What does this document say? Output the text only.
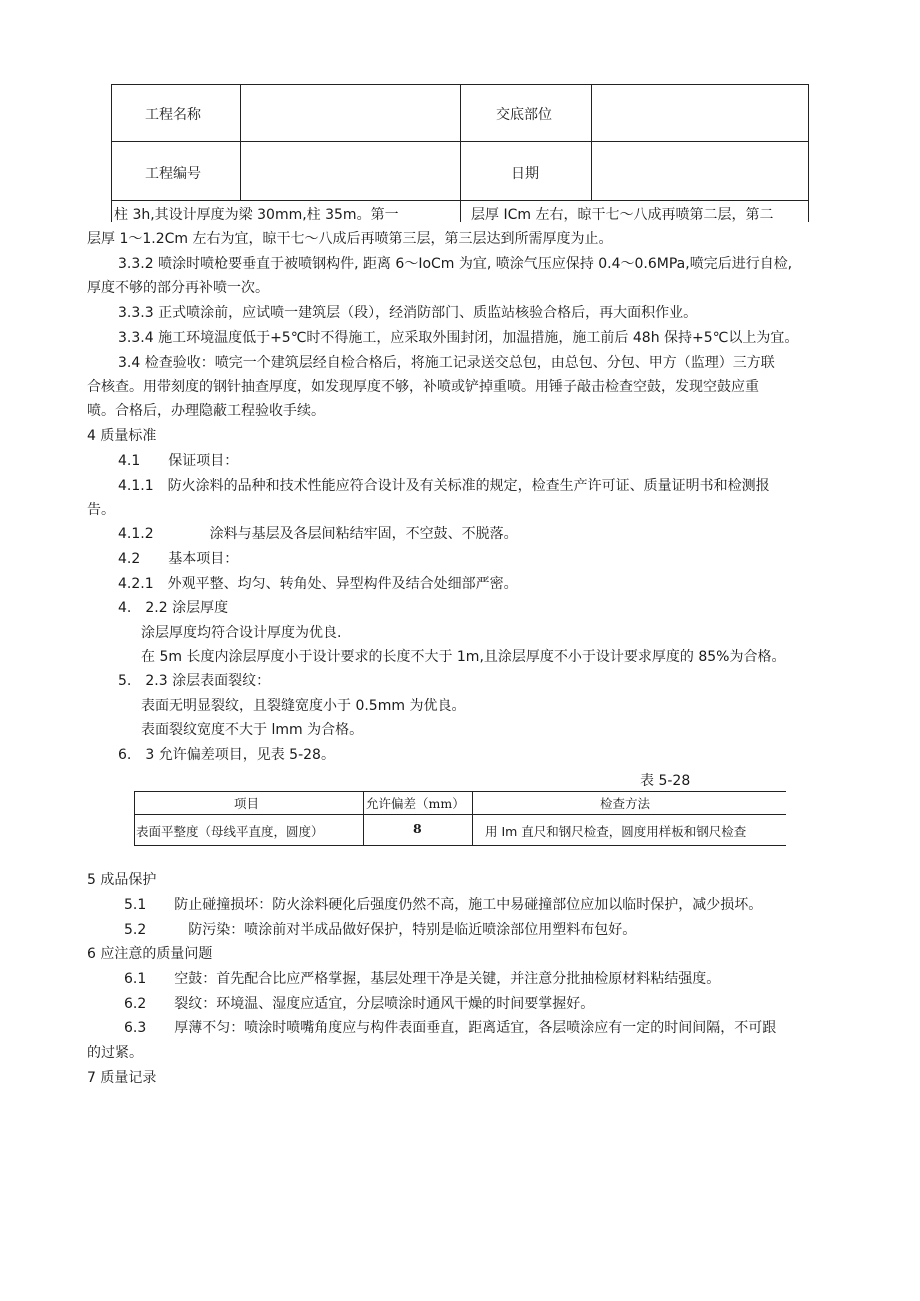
工程名称	交底部位
工程编号	日期
柱 3h,其设计厚度为梁 30mm,柱 35m。第一	层厚 ICm 左右，晾干七～八成再喷第二层，第二

层厚 1～1.2Cm 左右为宜，晾干七～八成后再喷第三层，第三层达到所需厚度为止。

3.3.2 喷涂时喷枪要垂直于被喷钢构件, 距离 6～IoCm 为宜, 喷涂气压应保持 0.4～0.6MPa,喷完后进行自检,

厚度不够的部分再补喷一次。

3.3.3 正式喷涂前，应试喷一建筑层（段），经消防部门、质监站核验合格后，再大面积作业。

3.3.4 施工环境温度低于+5℃时不得施工，应采取外围封闭，加温措施，施工前后 48h 保持+5℃以上为宜。

3.4 检查验收：喷完一个建筑层经自检合格后，将施工记录送交总包，由总包、分包、甲方（监理）三方联

合核查。用带刻度的钢针抽查厚度，如发现厚度不够，补喷或铲掉重喷。用锤子敲击检查空鼓，发现空鼓应重

喷。合格后，办理隐蔽工程验收手续。

4 质量标准

4.1　　保证项目：

4.1.1　防火涂料的品种和技术性能应符合设计及有关标准的规定，检查生产许可证、质量证明书和检测报

告。

4.1.2　　　　涂料与基层及各层间粘结牢固，不空鼓、不脱落。

4.2　　基本项目：

4.2.1　外观平整、均匀、转角处、异型构件及结合处细部严密。

4.　2.2 涂层厚度

涂层厚度均符合设计厚度为优良.

在 5m 长度内涂层厚度小于设计要求的长度不大于 1m,且涂层厚度不小于设计要求厚度的 85%为合格。

5.　2.3 涂层表面裂纹：

表面无明显裂纹，且裂缝宽度小于 0.5mm 为优良。

表面裂纹宽度不大于 lmm 为合格。

6.　3 允许偏差项目，见表 5-28。

表 5-28
项目	允许偏差（mm）	检查方法
表面平整度（母线平直度，圆度）	8	用 Im 直尺和钢尺检查，圆度用样板和钢尺检查

5 成品保护

5.1　　防止碰撞损坏：防火涂料硬化后强度仍然不高，施工中易碰撞部位应加以临时保护，减少损坏。

5.2　　　防污染：喷涂前对半成品做好保护，特别是临近喷涂部位用塑料布包好。

6 应注意的质量问题

6.1　　空鼓：首先配合比应严格掌握，基层处理干净是关键，并注意分批抽检原材料粘结强度。

6.2　　裂纹：环境温、湿度应适宜，分层喷涂时通风干燥的时间要掌握好。

6.3　　厚薄不匀：喷涂时喷嘴角度应与构件表面垂直，距离适宜，各层喷涂应有一定的时间间隔，不可跟

的过紧。

7 质量记录
